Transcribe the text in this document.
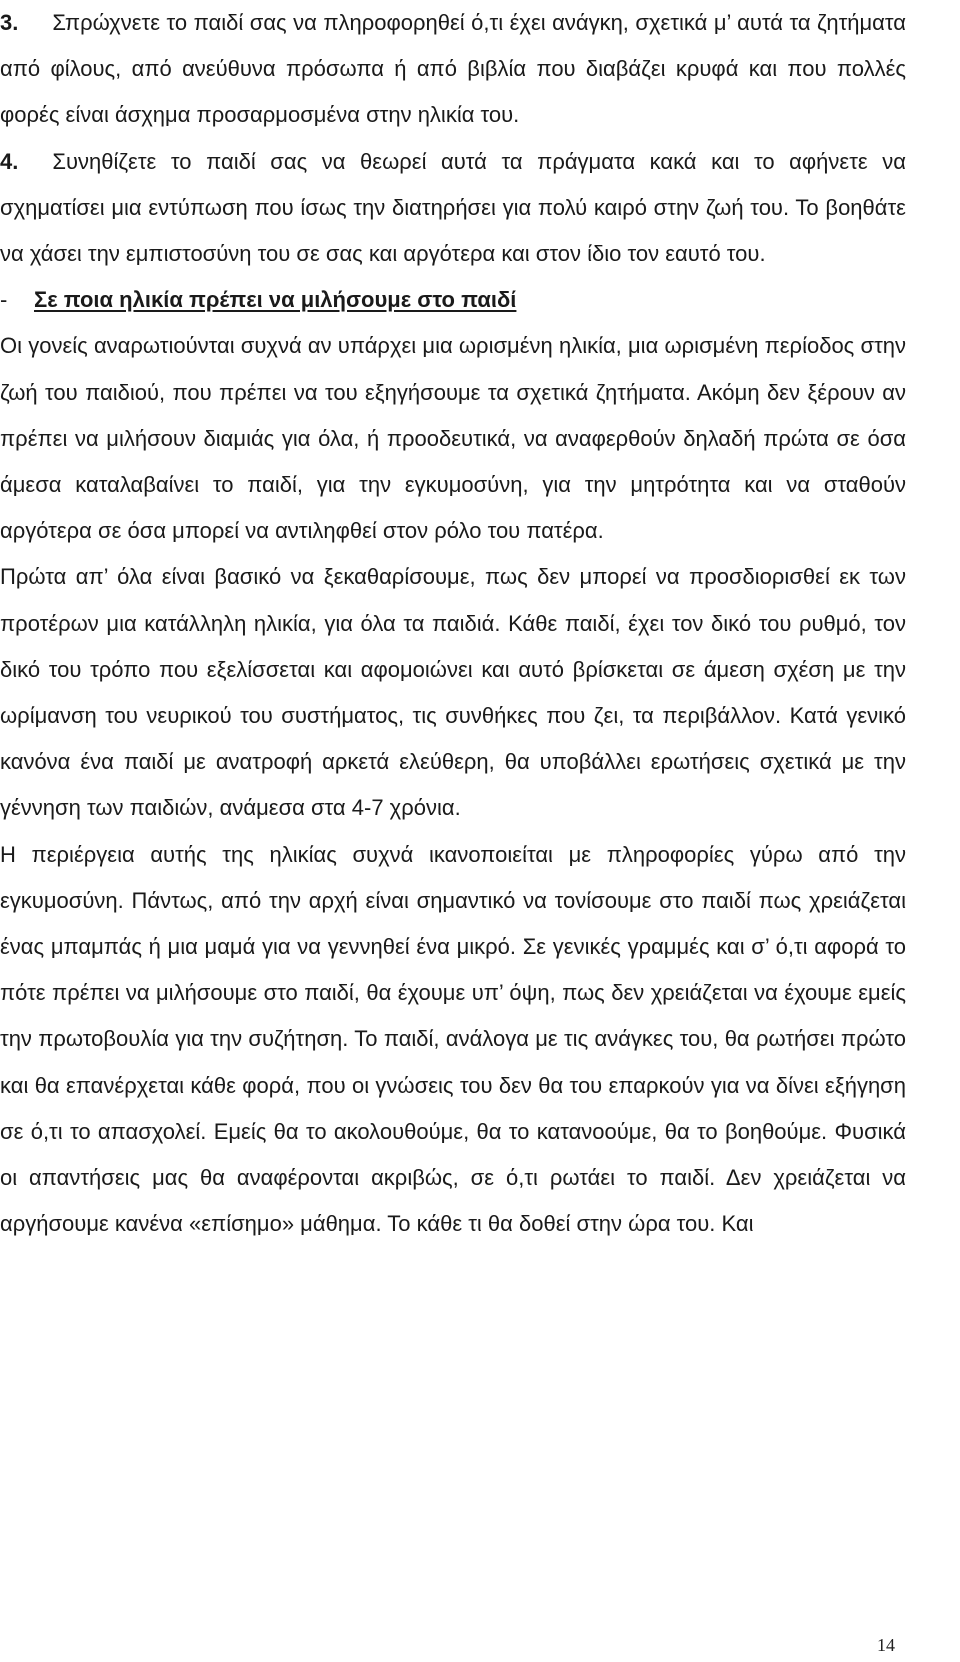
3. Σπρώχνετε το παιδί σας να πληροφορηθεί ό,τι έχει ανάγκη, σχετικά μ’ αυτά τα ζητήματα από φίλους, από ανεύθυνα πρόσωπα ή από βιβλία που διαβάζει κρυφά και που πολλές φορές είναι άσχημα προσαρμοσμένα στην ηλικία του.

4. Συνηθίζετε το παιδί σας να θεωρεί αυτά τα πράγματα κακά και το αφήνετε να σχηματίσει μια εντύπωση που ίσως την διατηρήσει για πολύ καιρό στην ζωή του. Το βοηθάτε να χάσει την εμπιστοσύνη του σε σας και αργότερα και στον ίδιο τον εαυτό του.

- Σε ποια ηλικία πρέπει να μιλήσουμε στο παιδί

Οι γονείς αναρωτιούνται συχνά αν υπάρχει μια ωρισμένη ηλικία, μια ωρισμένη περίοδος στην ζωή του παιδιού, που πρέπει να του εξηγήσουμε τα σχετικά ζητήματα. Ακόμη δεν ξέρουν αν πρέπει να μιλήσουν διαμιάς για όλα, ή προοδευτικά, να αναφερθούν δηλαδή πρώτα σε όσα άμεσα καταλαβαίνει το παιδί, για την εγκυμοσύνη, για την μητρότητα και να σταθούν αργότερα σε όσα μπορεί να αντιληφθεί στον ρόλο του πατέρα.

Πρώτα απ’ όλα είναι βασικό να ξεκαθαρίσουμε, πως δεν μπορεί να προσδιορισθεί εκ των προτέρων μια κατάλληλη ηλικία, για όλα τα παιδιά. Κάθε παιδί, έχει τον δικό του ρυθμό, τον δικό του τρόπο που εξελίσσεται και αφομοιώνει και αυτό βρίσκεται σε άμεση σχέση με την ωρίμανση του νευρικού του συστήματος, τις συνθήκες που ζει, τα περιβάλλον. Κατά γενικό κανόνα ένα παιδί με ανατροφή αρκετά ελεύθερη, θα υποβάλλει ερωτήσεις σχετικά με την γέννηση των παιδιών, ανάμεσα στα 4-7 χρόνια.

Η περιέργεια αυτής της ηλικίας συχνά ικανοποιείται με πληροφορίες γύρω από την εγκυμοσύνη. Πάντως, από την αρχή είναι σημαντικό να τονίσουμε στο παιδί πως χρειάζεται ένας μπαμπάς ή μια μαμά για να γεννηθεί ένα μικρό. Σε γενικές γραμμές και σ’ ό,τι αφορά το πότε πρέπει να μιλήσουμε στο παιδί, θα έχουμε υπ’ όψη, πως δεν χρειάζεται να έχουμε εμείς την πρωτοβουλία για την συζήτηση. Το παιδί, ανάλογα με τις ανάγκες του, θα ρωτήσει πρώτο και θα επανέρχεται κάθε φορά, που οι γνώσεις του δεν θα του επαρκούν για να δίνει εξήγηση σε ό,τι το απασχολεί. Εμείς θα το ακολουθούμε, θα το κατανοούμε, θα το βοηθούμε. Φυσικά οι απαντήσεις μας θα αναφέρονται ακριβώς, σε ό,τι ρωτάει το παιδί. Δεν χρειάζεται να αργήσουμε κανένα «επίσημο» μάθημα. Το κάθε τι θα δοθεί στην ώρα του. Και

14
